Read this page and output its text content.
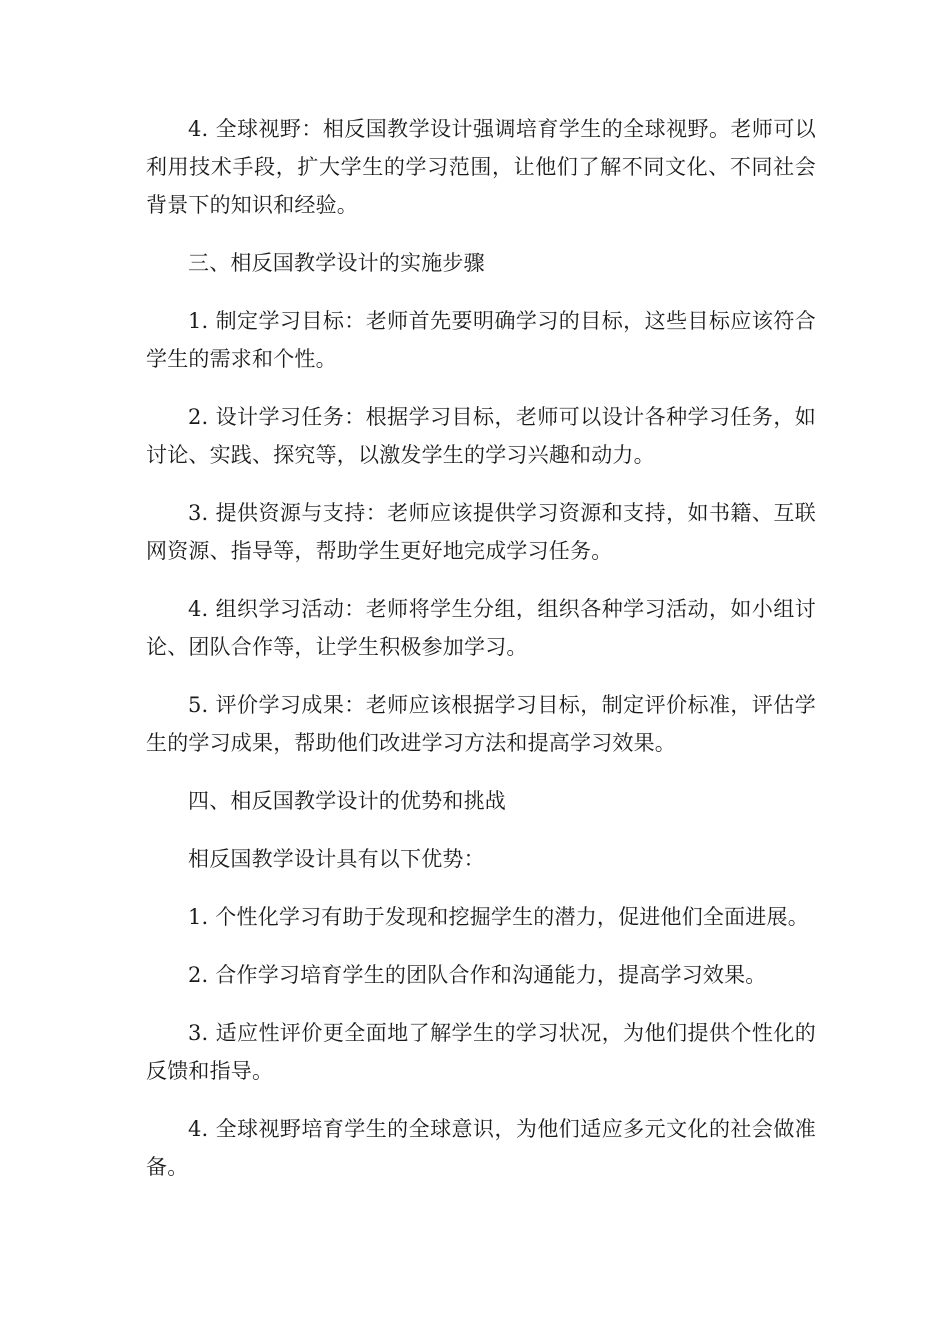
4. 全球视野：相反国教学设计强调培育学生的全球视野。老师可以利用技术手段，扩大学生的学习范围，让他们了解不同文化、不同社会背景下的知识和经验。

三、相反国教学设计的实施步骤

1. 制定学习目标：老师首先要明确学习的目标，这些目标应该符合学生的需求和个性。

2. 设计学习任务：根据学习目标，老师可以设计各种学习任务，如讨论、实践、探究等，以激发学生的学习兴趣和动力。

3. 提供资源与支持：老师应该提供学习资源和支持，如书籍、互联网资源、指导等，帮助学生更好地完成学习任务。

4. 组织学习活动：老师将学生分组，组织各种学习活动，如小组讨论、团队合作等，让学生积极参加学习。

5. 评价学习成果：老师应该根据学习目标，制定评价标准，评估学生的学习成果，帮助他们改进学习方法和提高学习效果。

四、相反国教学设计的优势和挑战

相反国教学设计具有以下优势：

1. 个性化学习有助于发现和挖掘学生的潜力，促进他们全面进展。

2. 合作学习培育学生的团队合作和沟通能力，提高学习效果。

3. 适应性评价更全面地了解学生的学习状况，为他们提供个性化的反馈和指导。

4. 全球视野培育学生的全球意识，为他们适应多元文化的社会做准备。
